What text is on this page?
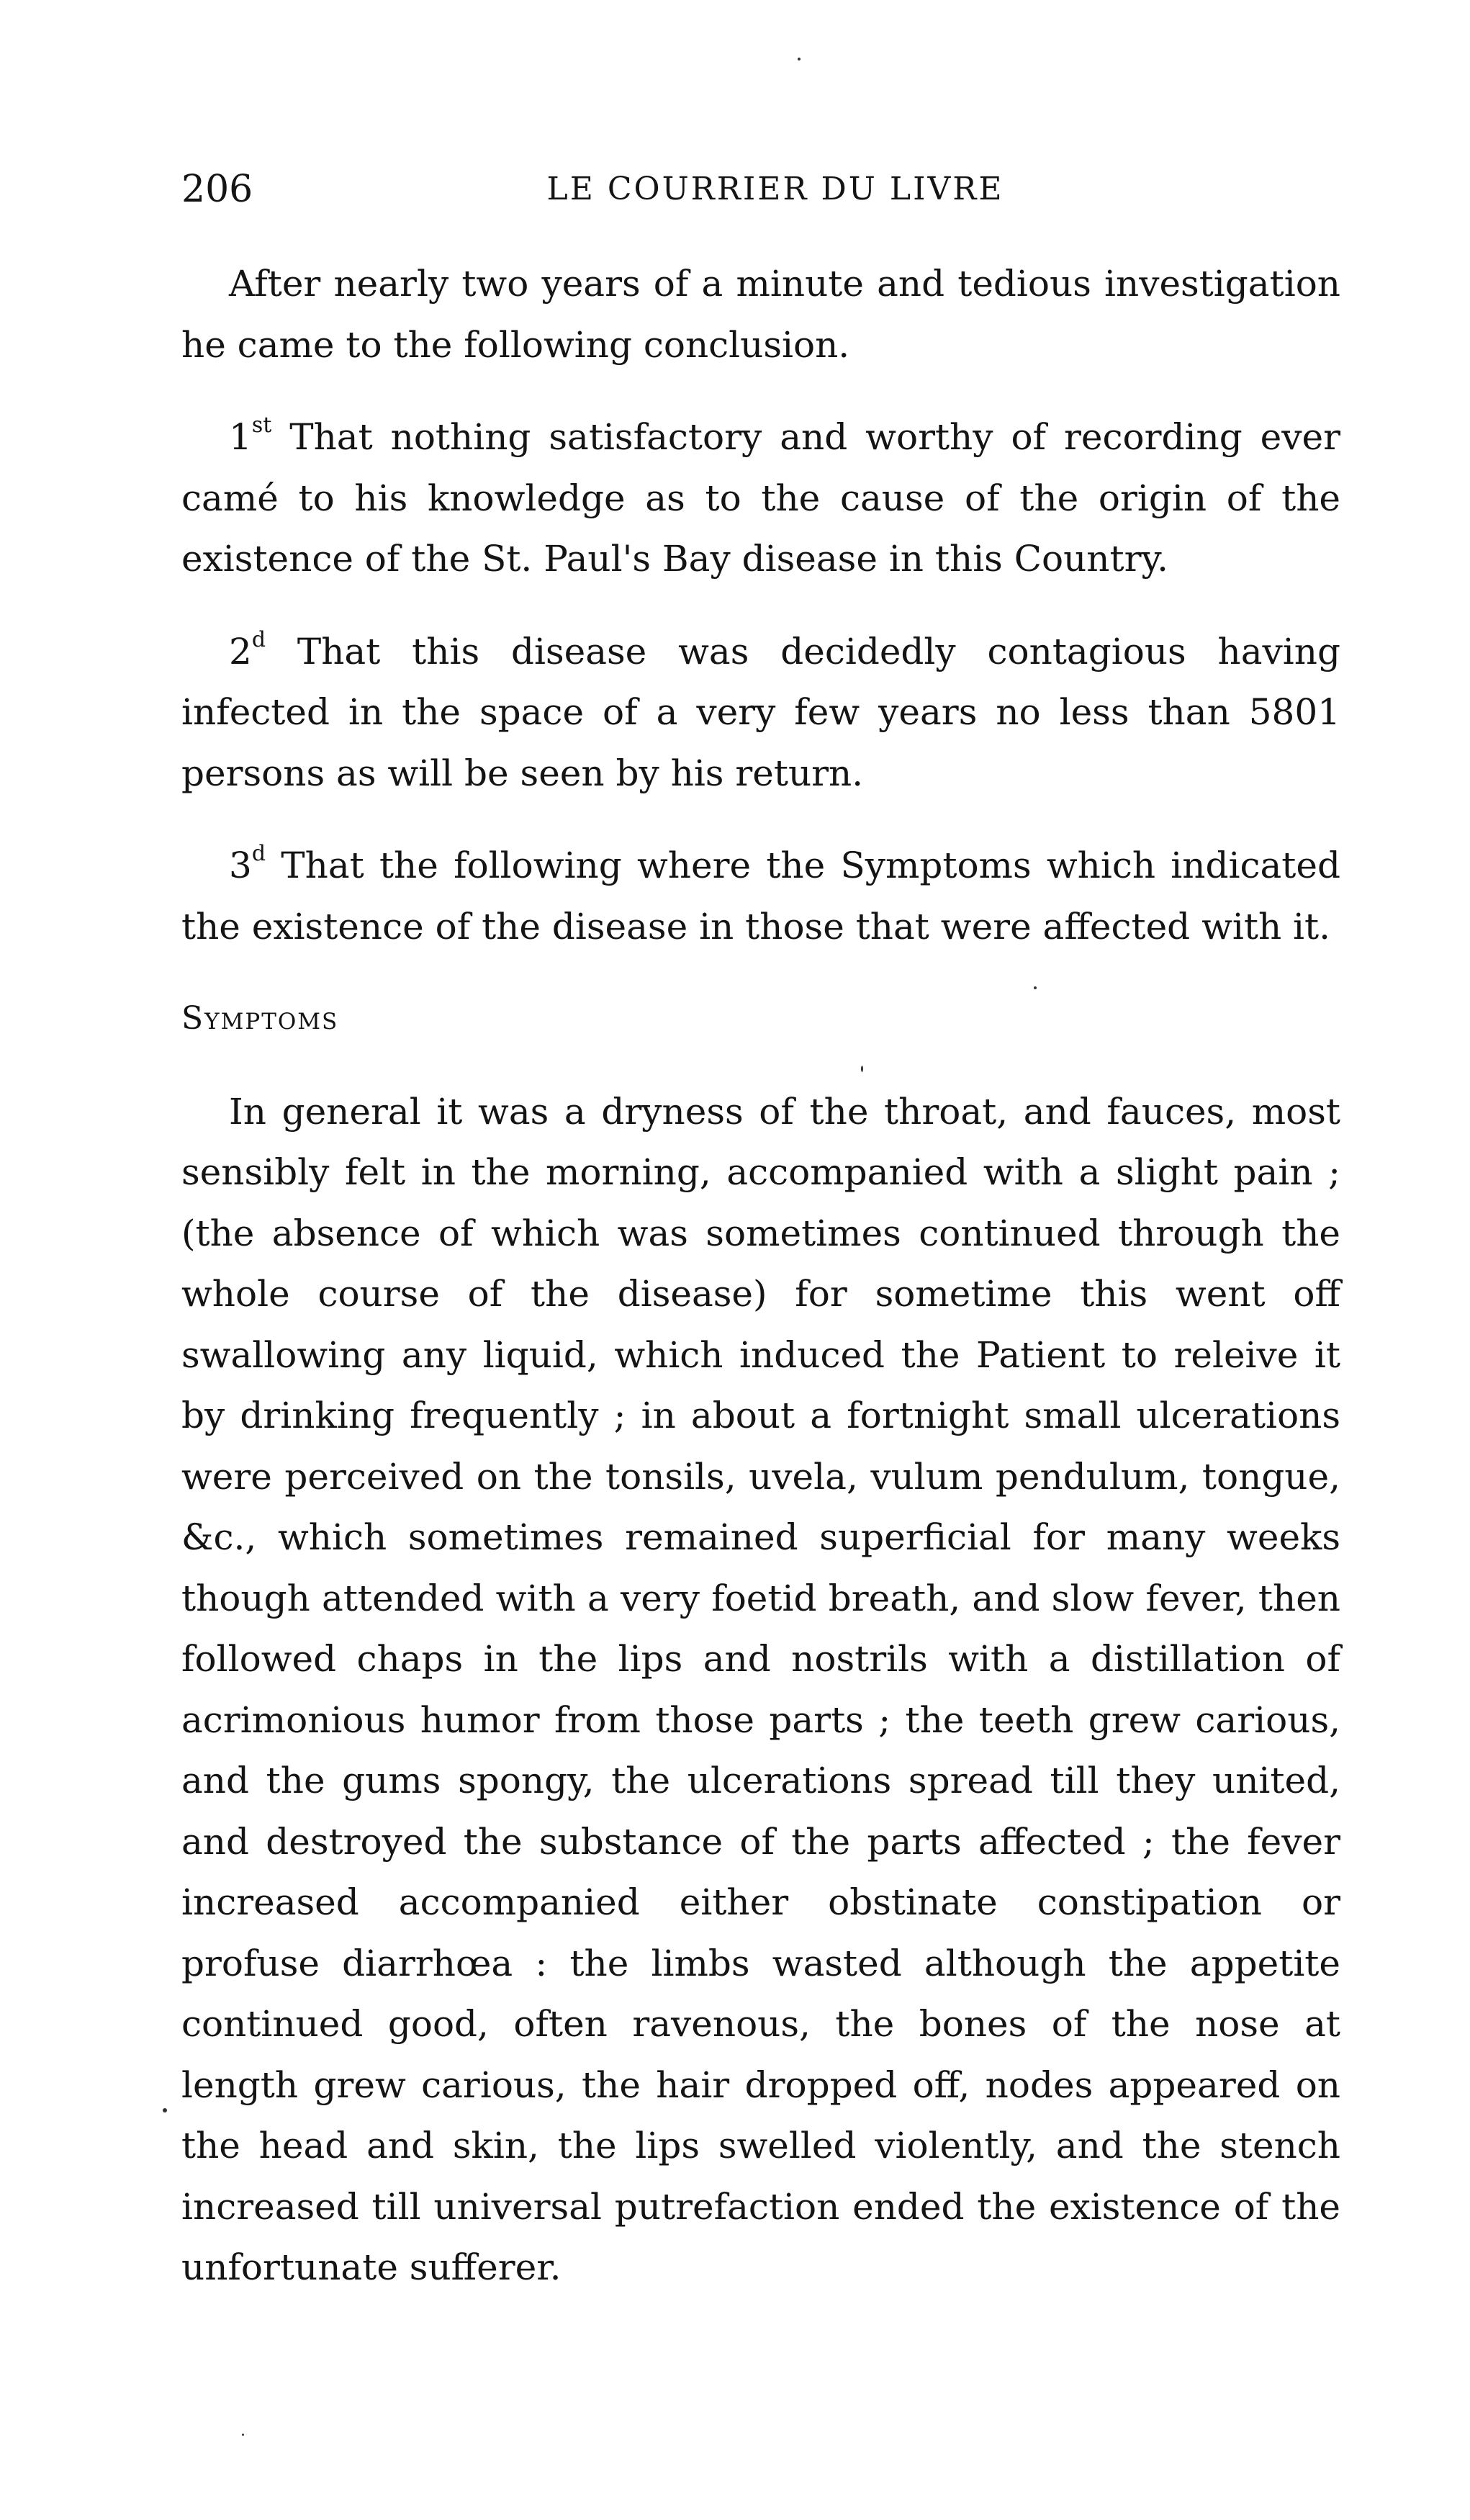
206	LE COURRIER DU LIVRE

After nearly two years of a minute and tedious investigation he came to the following conclusion.

1st That nothing satisfactory and worthy of recording ever camé to his knowledge as to the cause of the origin of the existence of the St. Paul's Bay disease in this Country.

2$^d$ That this disease was decidedly contagious having infected in the space of a very few years no less than 5801 persons as will be seen by his return.

3$^d$ That the following where the Symptoms which indicated the existence of the disease in those that were affected with it.

Symptoms

In general it was a dryness of the throat, and fauces, most sensibly felt in the morning, accompanied with a slight pain ; (the absence of which was sometimes continued through the whole course of the disease) for sometime this went off swallowing any liquid, which induced the Patient to releive it by drinking frequently ; in about a fortnight small ulcerations were perceived on the tonsils, uvela, vulum pendulum, tongue, &c., which sometimes remained superficial for many weeks though attended with a very foetid breath, and slow fever, then followed chaps in the lips and nostrils with a distillation of acrimonious humor from those parts ; the teeth grew carious, and the gums spongy, the ulcerations spread till they united, and destroyed the substance of the parts affected ; the fever increased accompanied either obstinate constipation or profuse diarrhœa : the limbs wasted although the appetite continued good, often ravenous, the bones of the nose at length grew carious, the hair dropped off, nodes appeared on the head and skin, the lips swelled violently, and the stench increased till universal putrefaction ended the existence of the unfortunate sufferer.
